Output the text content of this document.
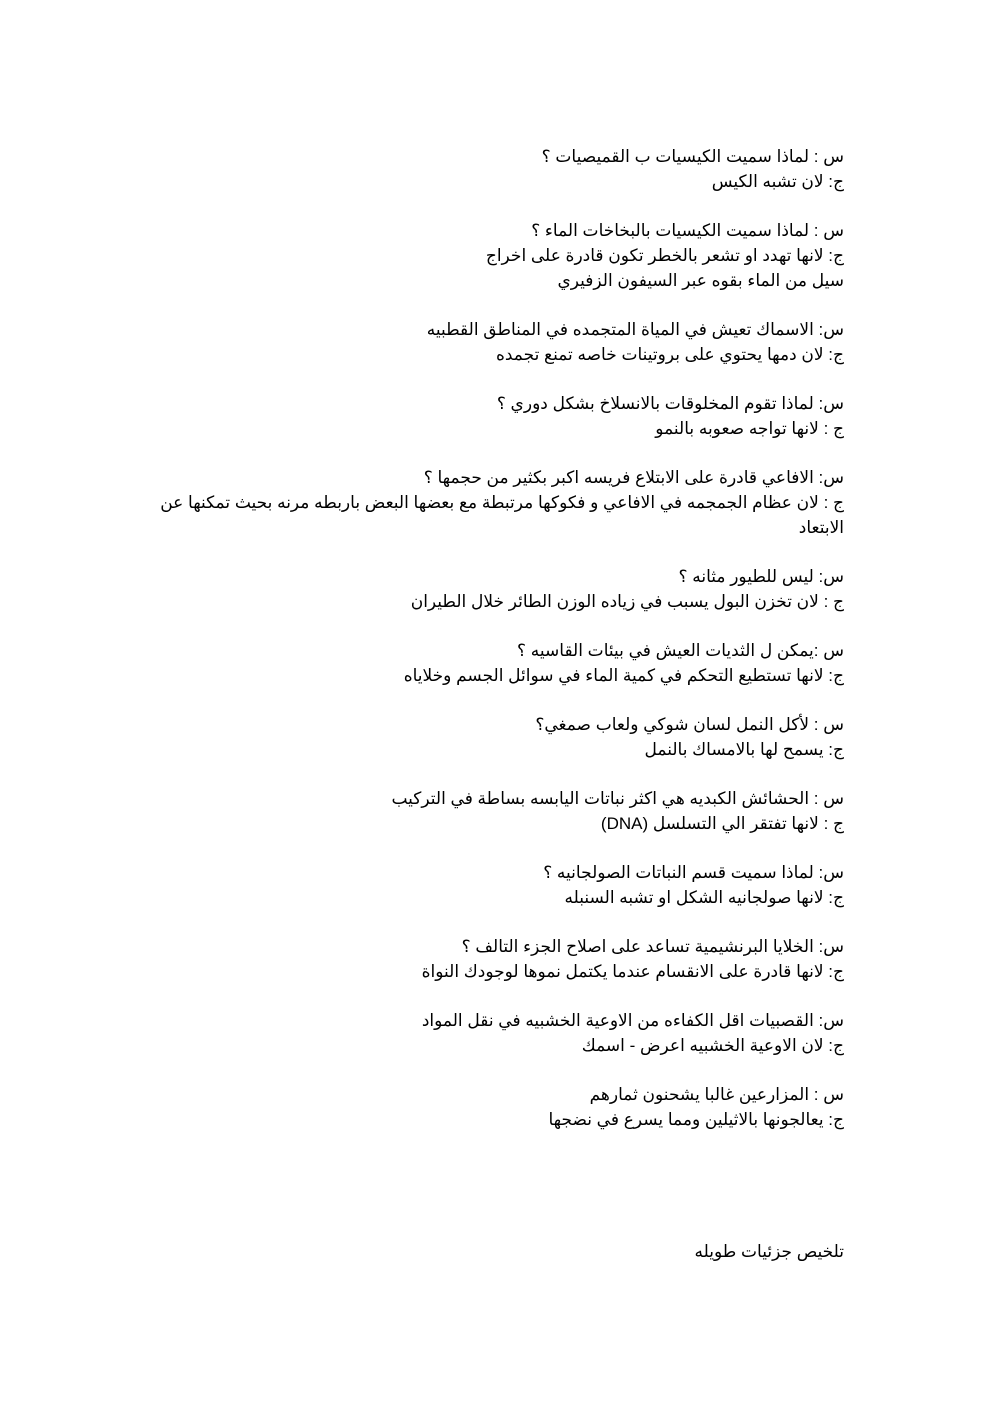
س : لماذا سميت الكيسيات ب القميصيات ؟
ج: لان تشبه الكيس
س : لماذا سميت الكيسيات بالبخاخات الماء ؟
ج: لانها تهدد او تشعر بالخطر تكون قادرة على اخراج
سيل من الماء بقوه عبر السيفون الزفيري
س: الاسماك تعيش في المياة المتجمده في المناطق القطبيه
ج: لان دمها يحتوي على بروتينات خاصه تمنع تجمده
س: لماذا تقوم المخلوقات بالانسلاخ بشكل دوري ؟
ج : لانها تواجه صعوبه بالنمو
س: الافاعي قادرة على الابتلاع فريسه اكبر بكثير من حجمها ؟
ج : لان عظام الجمجمه في الافاعي و فكوكها مرتبطة مع بعضها البعض باربطه مرنه بحيث تمكنها عن الابتعاد
س: ليس للطيور مثانه ؟
ج : لان تخزن البول يسبب في زياده الوزن الطائر خلال الطيران
س :يمكن ل الثديات العيش في بيئات القاسيه ؟
ج: لانها تستطيع التحكم في كمية الماء في سوائل الجسم وخلاياه
س : لأكل النمل لسان شوكي ولعاب صمغي؟
ج: يسمح لها بالامساك بالنمل
س : الحشائش الكبديه هي اكثر نباتات اليابسه بساطة في التركيب
ج : لانها تفتقر الي التسلسل (DNA)
س: لماذا سميت قسم النباتات الصولجانيه ؟
ج: لانها صولجانيه الشكل او تشبه السنبله
س: الخلايا البرنشيمية تساعد على اصلاح الجزء التالف ؟
ج: لانها قادرة على الانقسام عندما يكتمل نموها لوجودك النواة
س: القصبيات اقل الكفاءه من الاوعية الخشبيه في نقل المواد
ج: لان الاوعية الخشبيه اعرض - اسمك
س : المزارعين غالبا يشحنون ثمارهم
ج: يعالجونها بالاثيلين ومما يسرع في نضجها
تلخيص جزئيات طويله
